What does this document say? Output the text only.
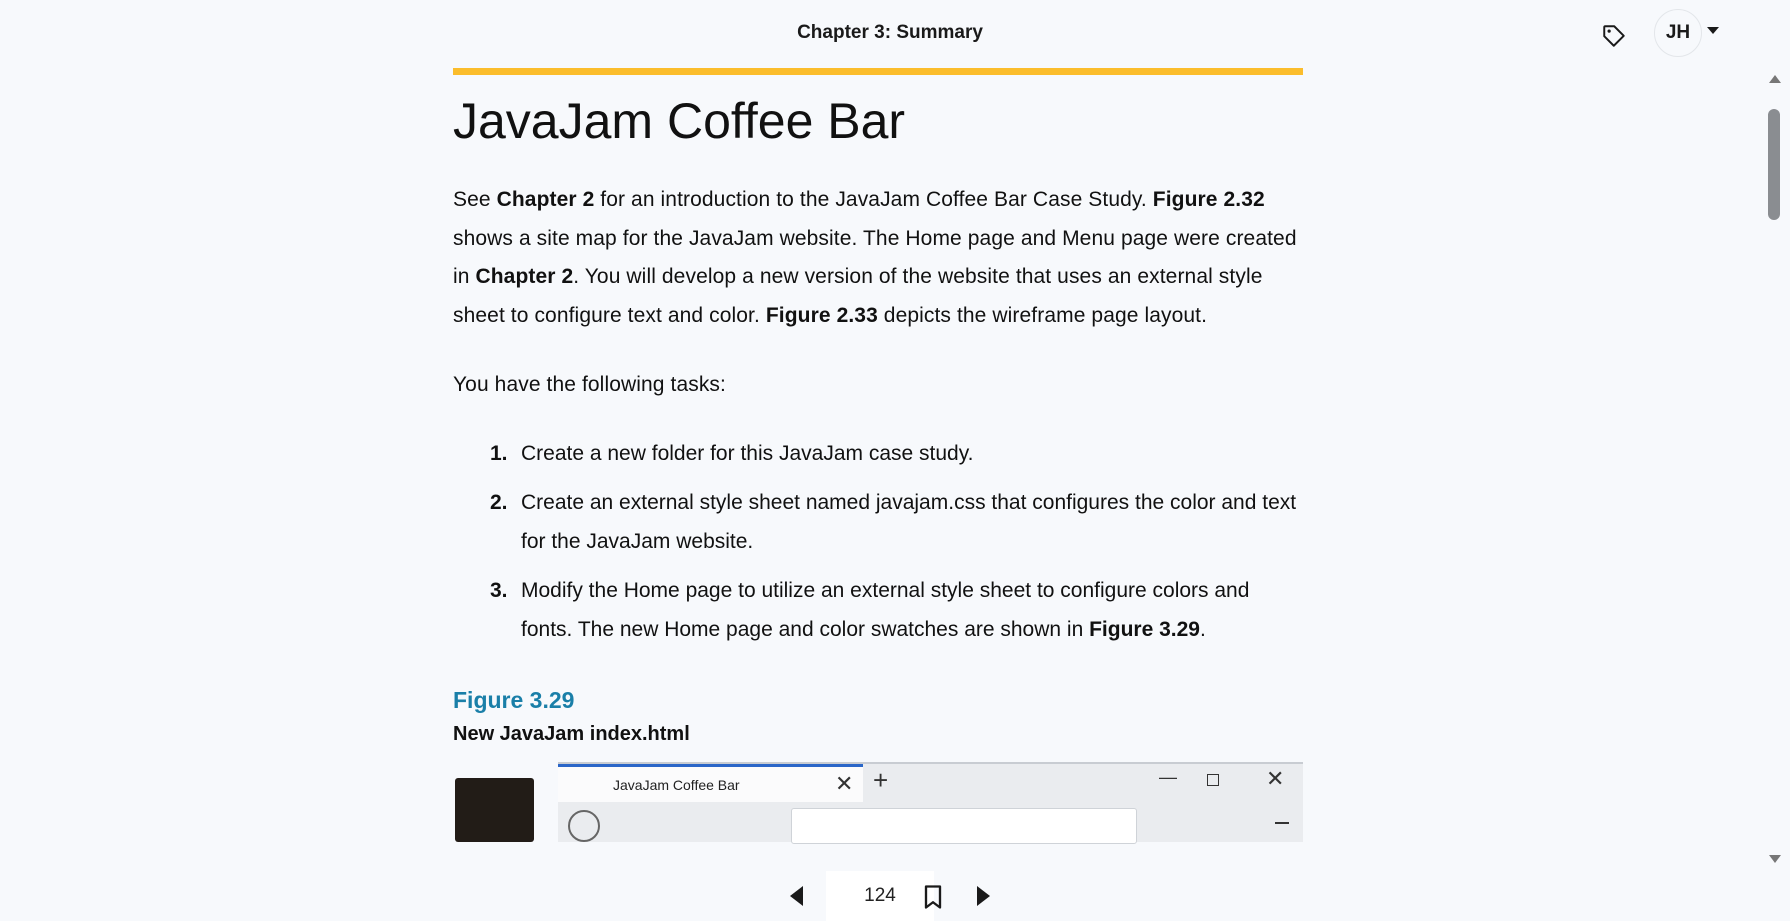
Chapter 3: Summary	JH
JavaJam Coffee Bar

See Chapter 2 for an introduction to the JavaJam Coffee Bar Case Study. Figure 2.32 shows a site map for the JavaJam website. The Home page and Menu page were created in Chapter 2. You will develop a new version of the website that uses an external style sheet to configure text and color. Figure 2.33 depicts the wireframe page layout.

You have the following tasks:

1. Create a new folder for this JavaJam case study.
2. Create an external style sheet named javajam.css that configures the color and text for the JavaJam website.
3. Modify the Home page to utilize an external style sheet to configure colors and fonts. The new Home page and color swatches are shown in Figure 3.29.
Figure 3.29
New JavaJam index.html
JavaJam Coffee Bar	✕ +	—	✕
124
